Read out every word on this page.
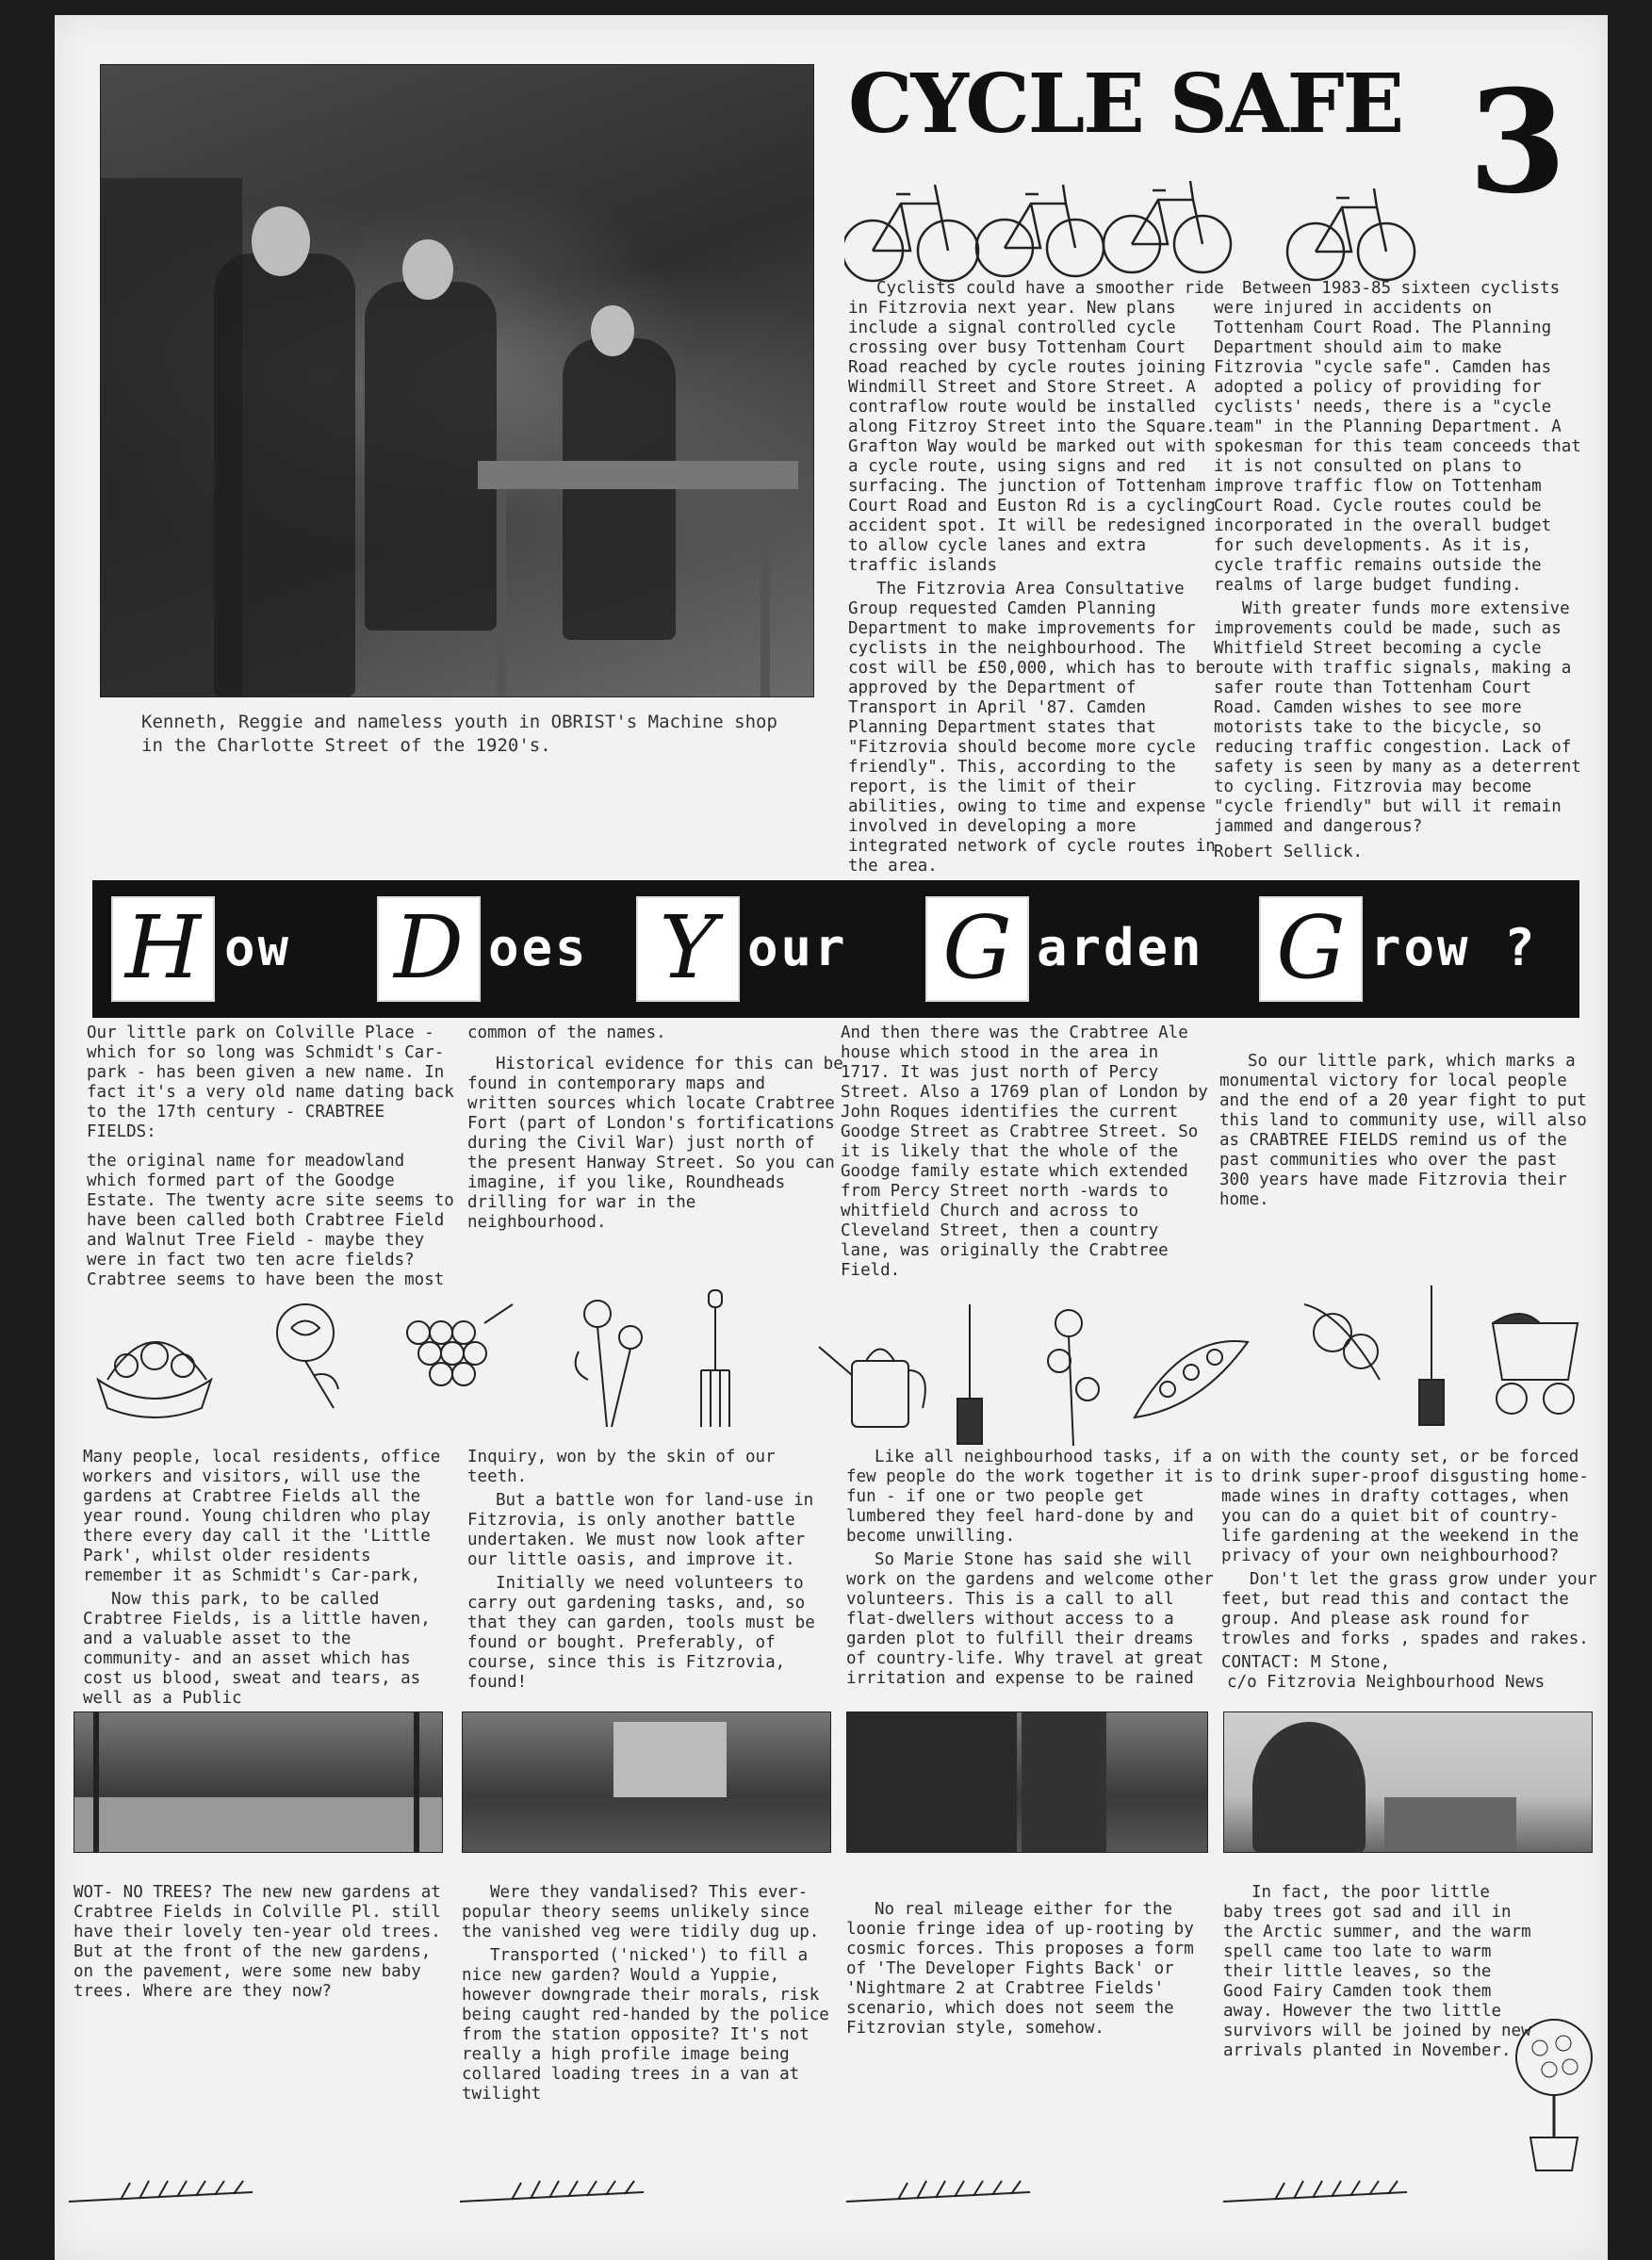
Kenneth, Reggie and nameless youth in OBRIST's Machine shop
in the Charlotte Street of the 1920's.
CYCLE SAFE 3

Cyclists could have a smoother ride in Fitzrovia next year. New plans include a signal controlled cycle crossing over busy Tottenham Court Road reached by cycle routes joining Windmill Street and Store Street. A contraflow route would be installed along Fitzroy Street into the Square. Grafton Way would be marked out with a cycle route, using signs and red surfacing. The junction of Tottenham Court Road and Euston Rd is a cycling accident spot. It will be redesigned to allow cycle lanes and extra traffic islands

The Fitzrovia Area Consultative Group requested Camden Planning Department to make improvements for cyclists in the neighbourhood. The cost will be £50,000, which has to be approved by the Department of Transport in April '87. Camden Planning Department states that "Fitzrovia should become more cycle friendly". This, according to the report, is the limit of their abilities, owing to time and expense involved in developing a more integrated network of cycle routes in the area.

Between 1983-85 sixteen cyclists were injured in accidents on Tottenham Court Road. The Planning Department should aim to make Fitzrovia "cycle safe". Camden has adopted a policy of providing for cyclists' needs, there is a "cycle team" in the Planning Department. A spokesman for this team conceeds that it is not consulted on plans to improve traffic flow on Tottenham Court Road. Cycle routes could be incorporated in the overall budget for such developments. As it is, cycle traffic remains outside the realms of large budget funding.

With greater funds more extensive improvements could be made, such as Whitfield Street becoming a cycle route with traffic signals, making a safer route than Tottenham Court Road. Camden wishes to see more motorists take to the bicycle, so reducing traffic congestion. Lack of safety is seen by many as a deterrent to cycling. Fitzrovia may become "cycle friendly" but will it remain jammed and dangerous?

Robert Sellick.

H ow D oes Y our G arden G row ?

Our little park on Colville Place - which for so long was Schmidt's Car-park - has been given a new name. In fact it's a very old name dating back to the 17th century - CRABTREE FIELDS:

the original name for meadowland which formed part of the Goodge Estate. The twenty acre site seems to have been called both Crabtree Field and Walnut Tree Field - maybe they were in fact two ten acre fields? Crabtree seems to have been the most

common of the names.

Historical evidence for this can be found in contemporary maps and written sources which locate Crabtree Fort (part of London's fortifications during the Civil War) just north of the present Hanway Street. So you can imagine, if you like, Roundheads drilling for war in the neighbourhood.

And then there was the Crabtree Ale house which stood in the area in 1717. It was just north of Percy Street. Also a 1769 plan of London by John Roques identifies the current Goodge Street as Crabtree Street. So it is likely that the whole of the Goodge family estate which extended from Percy Street north -wards to whitfield Church and across to Cleveland Street, then a country lane, was originally the Crabtree Field.

So our little park, which marks a monumental victory for local people and the end of a 20 year fight to put this land to community use, will also as CRABTREE FIELDS remind us of the past communities who over the past 300 years have made Fitzrovia their home.

Many people, local residents, office workers and visitors, will use the gardens at Crabtree Fields all the year round. Young children who play there every day call it the 'Little Park', whilst older residents remember it as Schmidt's Car-park,

Now this park, to be called Crabtree Fields, is a little haven, and a valuable asset to the community- and an asset which has cost us blood, sweat and tears, as well as a Public

Inquiry, won by the skin of our teeth.

But a battle won for land-use in Fitzrovia, is only another battle undertaken. We must now look after our little oasis, and improve it.

Initially we need volunteers to carry out gardening tasks, and, so that they can garden, tools must be found or bought. Preferably, of course, since this is Fitzrovia, found!

Like all neighbourhood tasks, if a few people do the work together it is fun - if one or two people get lumbered they feel hard-done by and become unwilling.

So Marie Stone has said she will work on the gardens and welcome other volunteers. This is a call to all flat-dwellers without access to a garden plot to fulfill their dreams of country-life. Why travel at great irritation and expense to be rained

on with the county set, or be forced to drink super-proof disgusting home-made wines in drafty cottages, when you can do a quiet bit of country-life gardening at the weekend in the privacy of your own neighbourhood?

Don't let the grass grow under your feet, but read this and contact the group. And please ask round for trowles and forks , spades and rakes.

CONTACT: M Stone,

c/o Fitzrovia Neighbourhood News

WOT- NO TREES? The new new gardens at Crabtree Fields in Colville Pl. still have their lovely ten-year old trees. But at the front of the new gardens, on the pavement, were some new baby trees. Where are they now?

Were they vandalised? This ever-popular theory seems unlikely since the vanished veg were tidily dug up.

Transported ('nicked') to fill a nice new garden? Would a Yuppie, however downgrade their morals, risk being caught red-handed by the police from the station opposite? It's not really a high profile image being collared loading trees in a van at twilight

No real mileage either for the loonie fringe idea of up-rooting by cosmic forces. This proposes a form of 'The Developer Fights Back' or 'Nightmare 2 at Crabtree Fields' scenario, which does not seem the Fitzrovian style, somehow.

In fact, the poor little baby trees got sad and ill in the Arctic summer, and the warm spell came too late to warm their little leaves, so the Good Fairy Camden took them away. However the two little survivors will be joined by new arrivals planted in November.
